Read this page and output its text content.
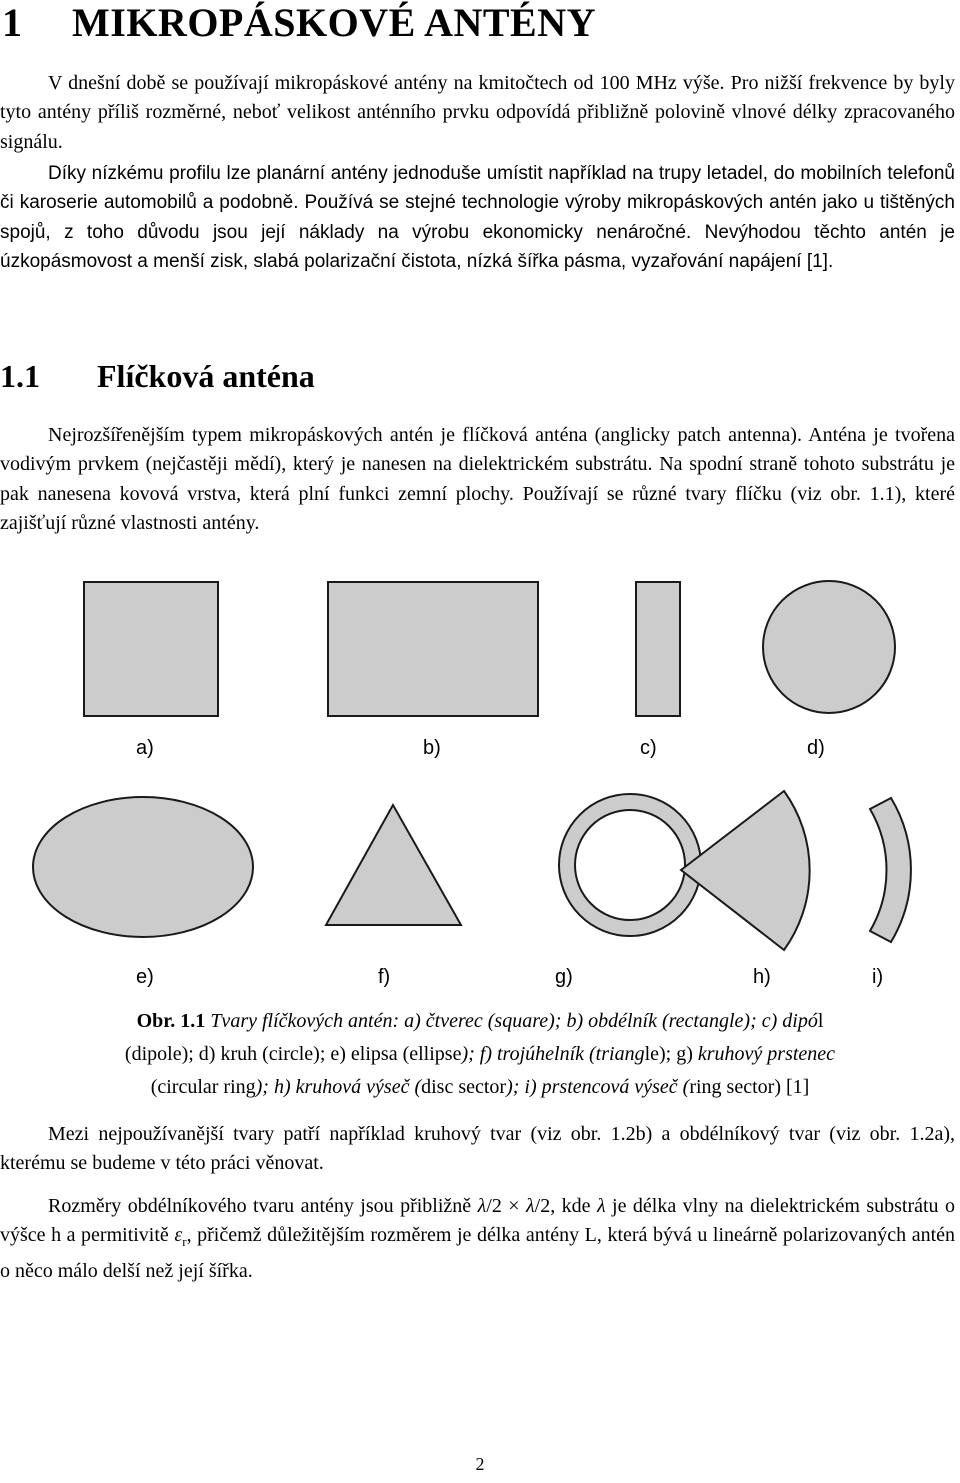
1 MIKROPÁSKOVÉ ANTÉNY

V dnešní době se používají mikropáskové antény na kmitočtech od 100 MHz výše. Pro nižší frekvence by byly tyto antény příliš rozměrné, neboť velikost anténního prvku odpovídá přibližně polovině vlnové délky zpracovaného signálu.

Díky nízkému profilu lze planární antény jednoduše umístit například na trupy letadel, do mobilních telefonů či karoserie automobilů a podobně. Používá se stejné technologie výroby mikropáskových antén jako u tištěných spojů, z toho důvodu jsou její náklady na výrobu ekonomicky nenáročné. Nevýhodou těchto antén je úzkopásmovost a menší zisk, slabá polarizační čistota, nízká šířka pásma, vyzařování napájení [1].

1.1 Flíčková anténa

Nejrozšířenějším typem mikropáskových antén je flíčková anténa (anglicky patch antenna). Anténa je tvořena vodivým prvkem (nejčastěji mědí), který je nanesen na dielektrickém substrátu. Na spodní straně tohoto substrátu je pak nanesena kovová vrstva, která plní funkci zemní plochy. Používají se různé tvary flíčku (viz obr. 1.1), které zajišťují různé vlastnosti antény.

a)	b)	c)	d)
e)	f)	g)	h)	i)

Obr. 1.1 Tvary flíčkových antén: a) čtverec (square); b) obdélník (rectangle); c) dipól
(dipole); d) kruh (circle); e) elipsa (ellipse); f) trojúhelník (triangle); g) kruhový prstenec
(circular ring); h) kruhová výseč (disc sector); i) prstencová výseč (ring sector) [1]

Mezi nejpoužívanější tvary patří například kruhový tvar (viz obr. 1.2b) a obdélníkový tvar (viz obr. 1.2a), kterému se budeme v této práci věnovat.

Rozměry obdélníkového tvaru antény jsou přibližně λ/2 × λ/2, kde λ je délka vlny na dielektrickém substrátu o výšce h a permitivitě $\varepsilon_r$, přičemž důležitějším rozměrem je délka antény L, která bývá u lineárně polarizovaných antén o něco málo delší než její šířka.

2
